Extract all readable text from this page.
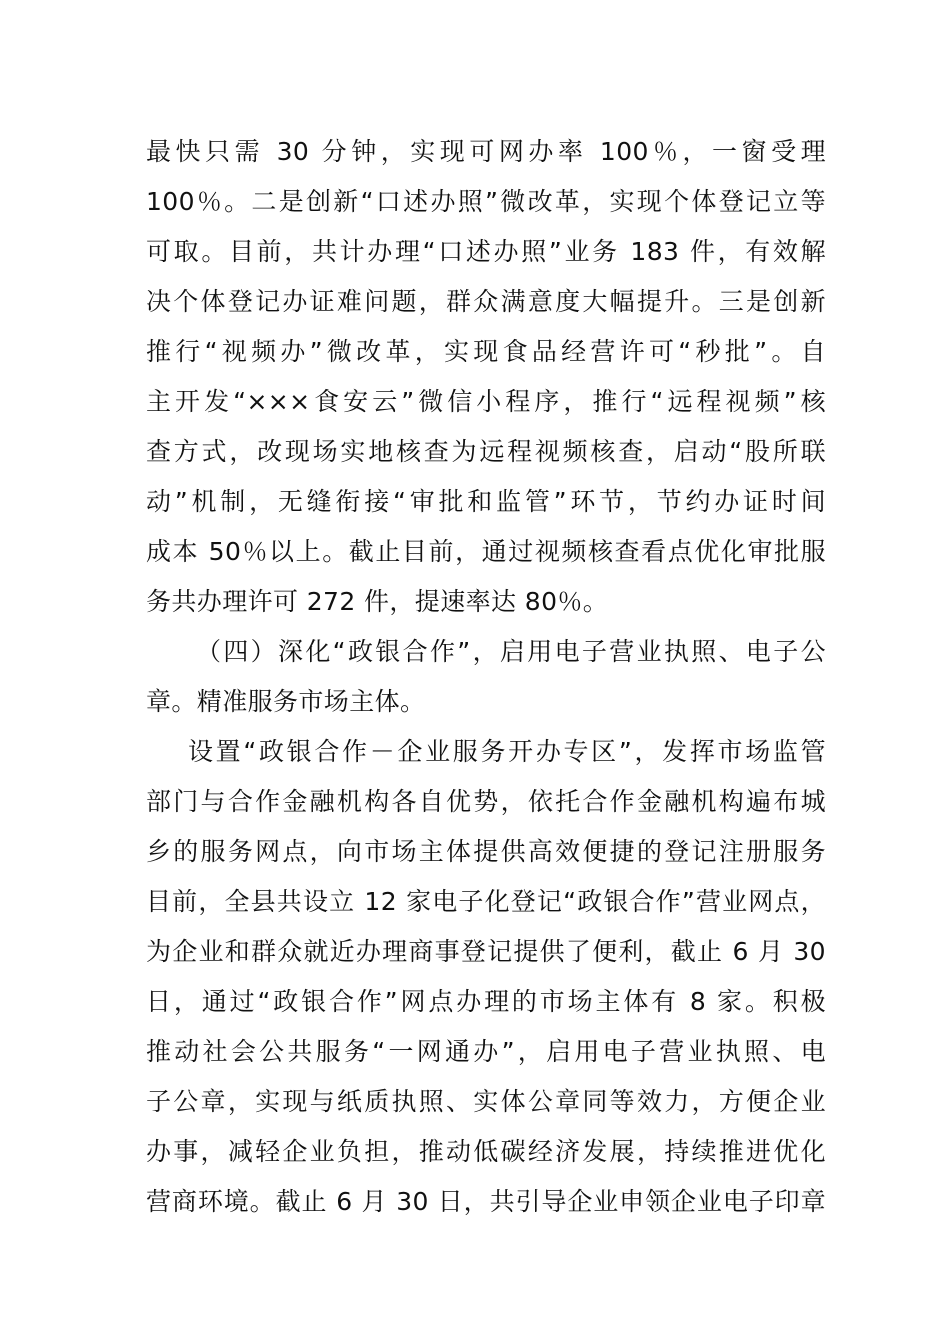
最快只需 30 分钟，实现可网办率 100％，一窗受理
100％。二是创新“口述办照”微改革，实现个体登记立等
可取。目前，共计办理“口述办照”业务 183 件，有效解
决个体登记办证难问题，群众满意度大幅提升。三是创新
推行“视频办”微改革，实现食品经营许可“秒批”。自
主开发“×××食安云”微信小程序，推行“远程视频”核
查方式，改现场实地核查为远程视频核查，启动“股所联
动”机制，无缝衔接“审批和监管”环节，节约办证时间
成本 50％以上。截止目前，通过视频核查看点优化审批服
务共办理许可 272 件，提速率达 80％。
（四）深化“政银合作”，启用电子营业执照、电子公
章。精准服务市场主体。
设置“政银合作－企业服务开办专区”，发挥市场监管
部门与合作金融机构各自优势，依托合作金融机构遍布城
乡的服务网点，向市场主体提供高效便捷的登记注册服务
目前，全县共设立 12 家电子化登记“政银合作”营业网点，
为企业和群众就近办理商事登记提供了便利，截止 6 月 30
日，通过“政银合作”网点办理的市场主体有 8 家。积极
推动社会公共服务“一网通办”，启用电子营业执照、电
子公章，实现与纸质执照、实体公章同等效力，方便企业
办事，减轻企业负担，推动低碳经济发展，持续推进优化
营商环境。截止 6 月 30 日，共引导企业申领企业电子印章
